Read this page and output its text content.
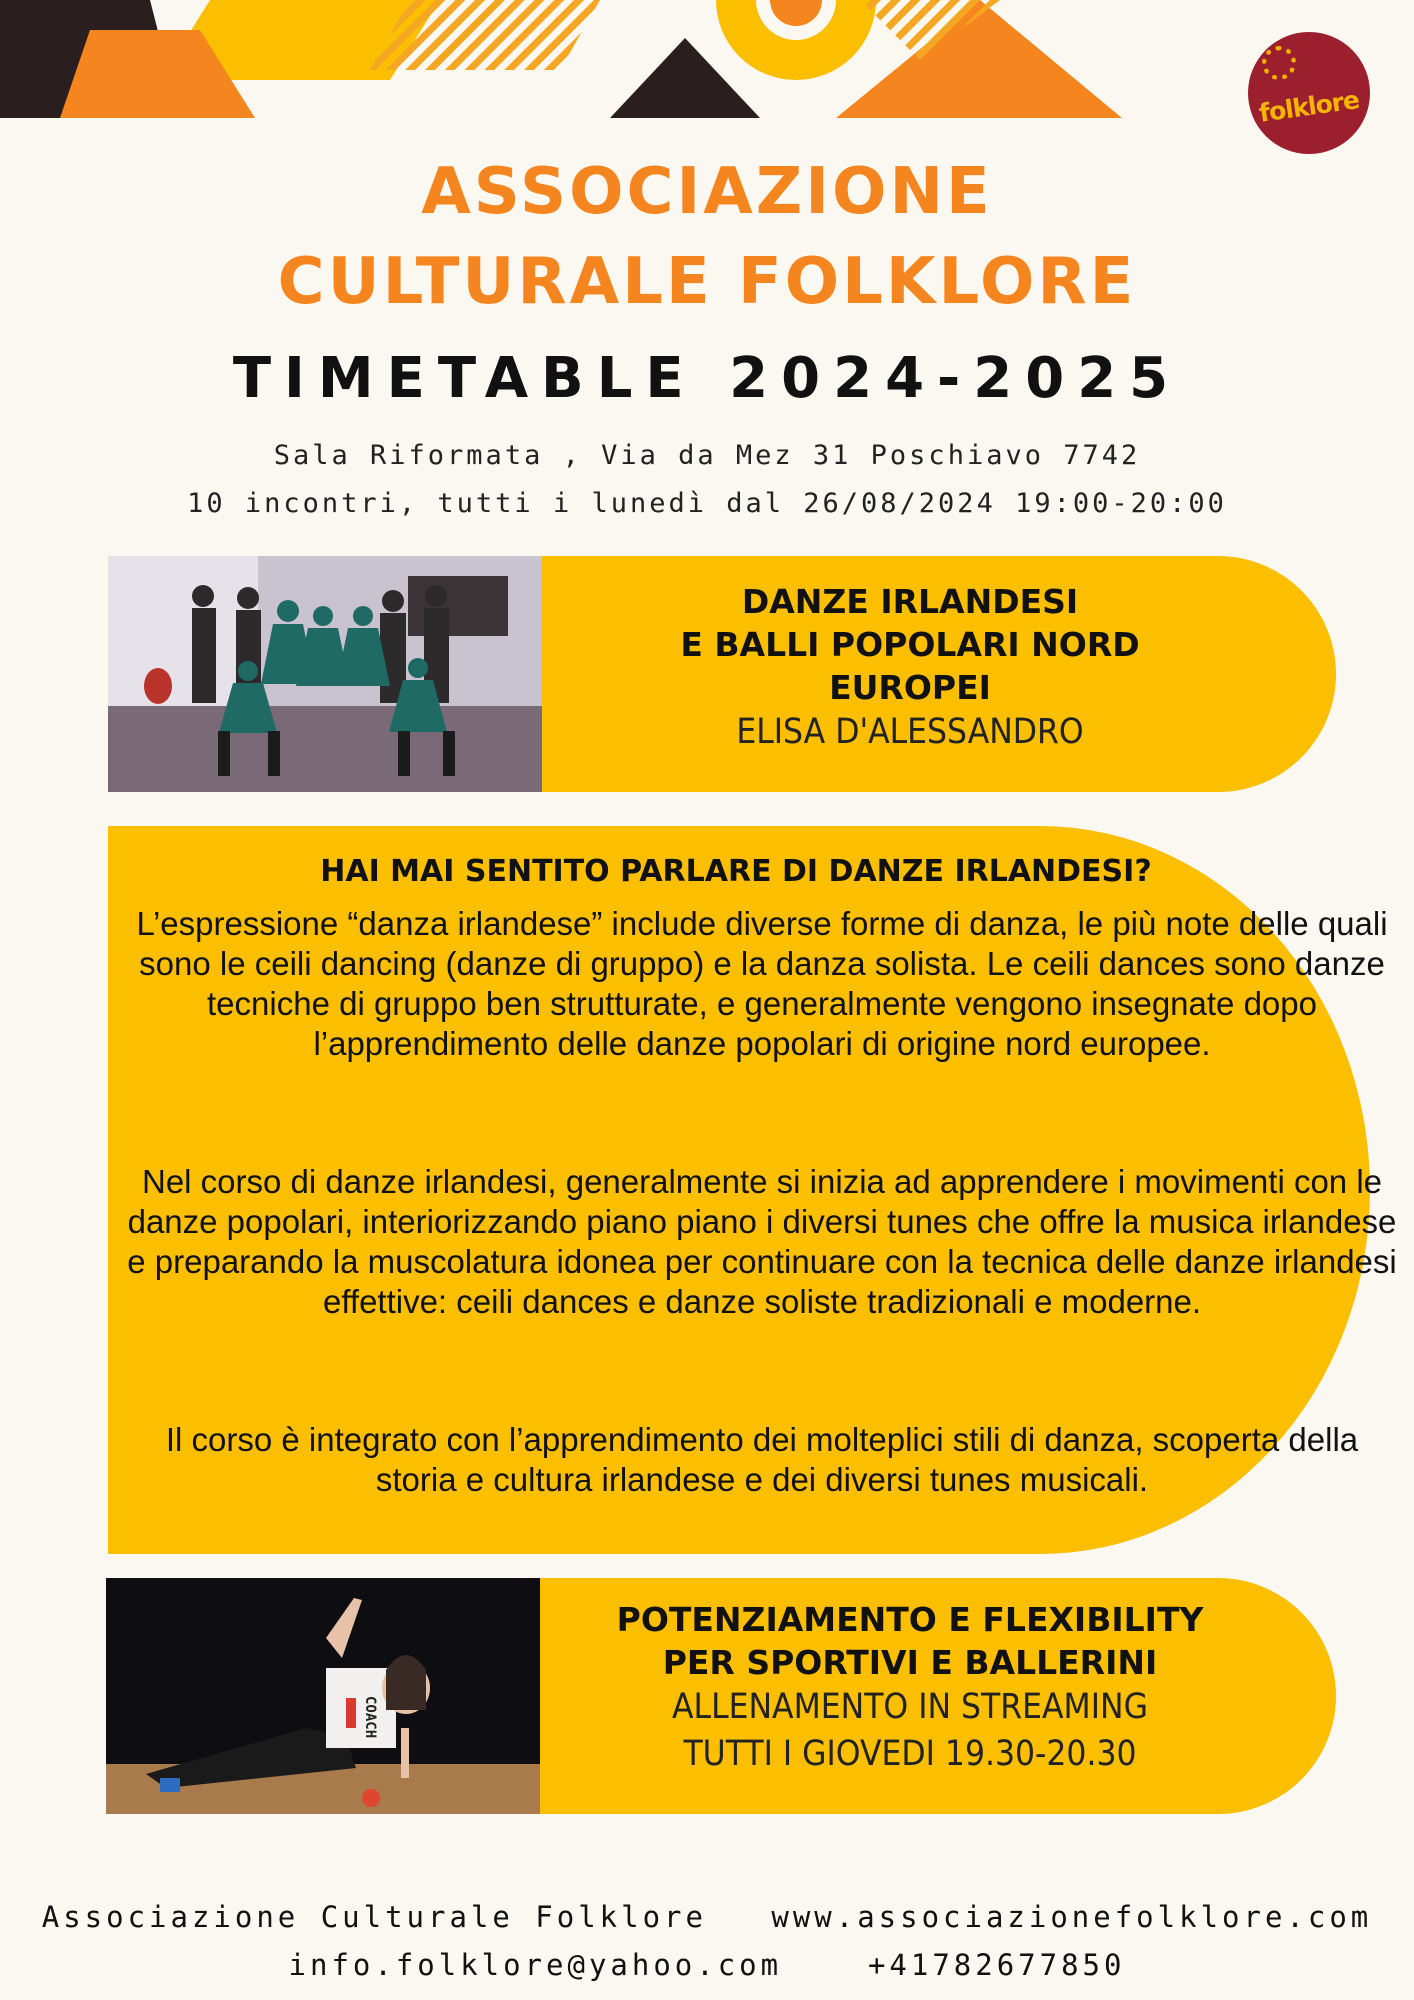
folklore
ASSOCIAZIONE
CULTURALE FOLKLORE
TIMETABLE 2024-2025
Sala Riformata , Via da Mez 31 Poschiavo 7742
10 incontri, tutti i lunedì dal 26/08/2024 19:00-20:00
DANZE IRLANDESI
E BALLI POPOLARI NORD
EUROPEI
ELISA D'ALESSANDRO
HAI MAI SENTITO PARLARE DI DANZE IRLANDESI?
L’espressione “danza irlandese” include diverse forme di danza, le più note delle quali sono le ceili dancing (danze di gruppo) e la danza solista. Le ceili dances sono danze tecniche di gruppo ben strutturate, e generalmente vengono insegnate dopo l’apprendimento delle danze popolari di origine nord europee.
Nel corso di danze irlandesi, generalmente si inizia ad apprendere i movimenti con le danze popolari, interiorizzando piano piano i diversi tunes che offre la musica irlandese e preparando la muscolatura idonea per continuare con la tecnica delle danze irlandesi effettive: ceili dances e danze soliste tradizionali e moderne.
Il corso è integrato con l’apprendimento dei molteplici stili di danza, scoperta della storia e cultura irlandese e dei diversi tunes musicali.
COACH
POTENZIAMENTO E FLEXIBILITY
PER SPORTIVI E BALLERINI
ALLENAMENTO IN STREAMING
TUTTI I GIOVEDI 19.30-20.30
Associazione Culturale Folklore www.associazionefolklore.com
info.folklore@yahoo.com	+41782677850
